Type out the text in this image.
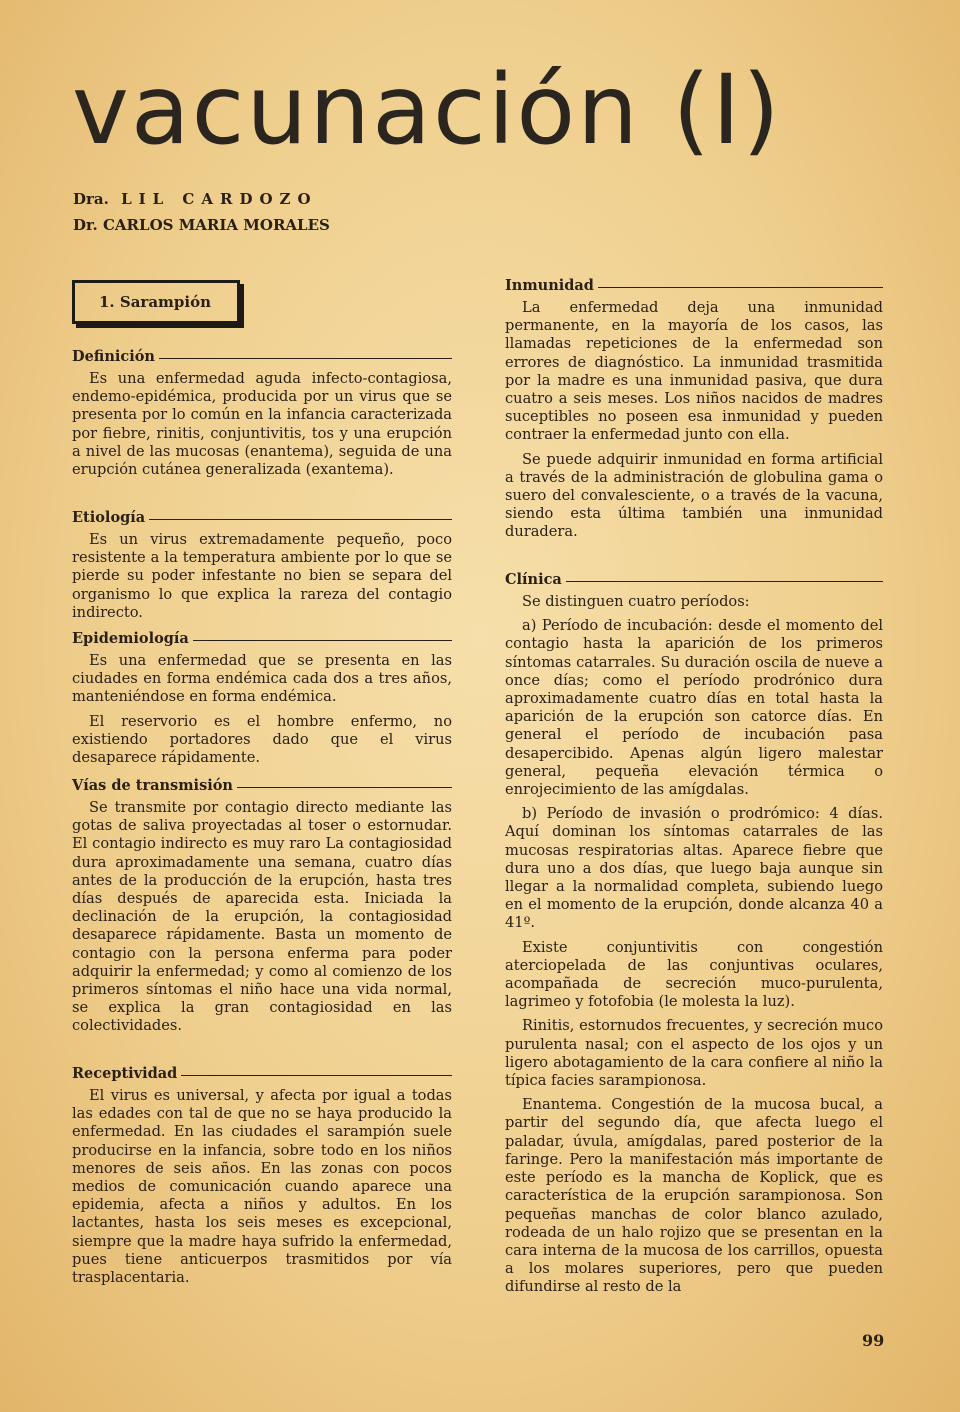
vacunación (I)
Dra. LIL CARDOZO
Dr. CARLOS MARIA MORALES
1. Sarampión
Definición

Es una enfermedad aguda infecto-contagiosa, endemo-epidémica, producida por un virus que se presenta por lo común en la infancia caracterizada por fiebre, rinitis, conjuntivitis, tos y una erupción a nivel de las mucosas (enantema), seguida de una erupción cutánea generalizada (exantema).

Etiología

Es un virus extremadamente pequeño, poco resistente a la temperatura ambiente por lo que se pierde su poder infestante no bien se separa del organismo lo que explica la rareza del contagio indirecto.

Epidemiología

Es una enfermedad que se presenta en las ciudades en forma endémica cada dos a tres años, manteniéndose en forma endémica.

El reservorio es el hombre enfermo, no existiendo portadores dado que el virus desaparece rápidamente.

Vías de transmisión

Se transmite por contagio directo mediante las gotas de saliva proyectadas al toser o estornudar. El contagio indirecto es muy raro La contagiosidad dura aproximadamente una semana, cuatro días antes de la producción de la erupción, hasta tres días después de aparecida esta. Iniciada la declinación de la erupción, la contagiosidad desaparece rápidamente. Basta un momento de contagio con la persona enferma para poder adquirir la enfermedad; y como al comienzo de los primeros síntomas el niño hace una vida normal, se explica la gran contagiosidad en las colectividades.

Receptividad

El virus es universal, y afecta por igual a todas las edades con tal de que no se haya producido la enfermedad. En las ciudades el sarampión suele producirse en la infancia, sobre todo en los niños menores de seis años. En las zonas con pocos medios de comunicación cuando aparece una epidemia, afecta a niños y adultos. En los lactantes, hasta los seis meses es excepcional, siempre que la madre haya sufrido la enfermedad, pues tiene anticuerpos trasmitidos por vía trasplacentaria.

Inmunidad

La enfermedad deja una inmunidad permanente, en la mayoría de los casos, las llamadas repeticiones de la enfermedad son errores de diagnóstico. La inmunidad trasmitida por la madre es una inmunidad pasiva, que dura cuatro a seis meses. Los niños nacidos de madres suceptibles no poseen esa inmunidad y pueden contraer la enfermedad junto con ella.

Se puede adquirir inmunidad en forma artificial a través de la administración de globulina gama o suero del convalesciente, o a través de la vacuna, siendo esta última también una inmunidad duradera.

Clínica

Se distinguen cuatro períodos:

a) Período de incubación: desde el momento del contagio hasta la aparición de los primeros síntomas catarrales. Su duración oscila de nueve a once días; como el período prodrónico dura aproximadamente cuatro días en total hasta la aparición de la erupción son catorce días. En general el período de incubación pasa desapercibido. Apenas algún ligero malestar general, pequeña elevación térmica o enrojecimiento de las amígdalas.

b) Período de invasión o prodrómico: 4 días. Aquí dominan los síntomas catarrales de las mucosas respiratorias altas. Aparece fiebre que dura uno a dos días, que luego baja aunque sin llegar a la normalidad completa, subiendo luego en el momento de la erupción, donde alcanza 40 a 41º.

Existe conjuntivitis con congestión aterciopelada de las conjuntivas oculares, acompañada de secreción muco-purulenta, lagrimeo y fotofobia (le molesta la luz).

Rinitis, estornudos frecuentes, y secreción muco purulenta nasal; con el aspecto de los ojos y un ligero abotagamiento de la cara confiere al niño la típica facies sarampionosa.

Enantema. Congestión de la mucosa bucal, a partir del segundo día, que afecta luego el paladar, úvula, amígdalas, pared posterior de la faringe. Pero la manifestación más importante de este período es la mancha de Koplick, que es característica de la erupción sarampionosa. Son pequeñas manchas de color blanco azulado, rodeada de un halo rojizo que se presentan en la cara interna de la mucosa de los carrillos, opuesta a los molares superiores, pero que pueden difundirse al resto de la

99
